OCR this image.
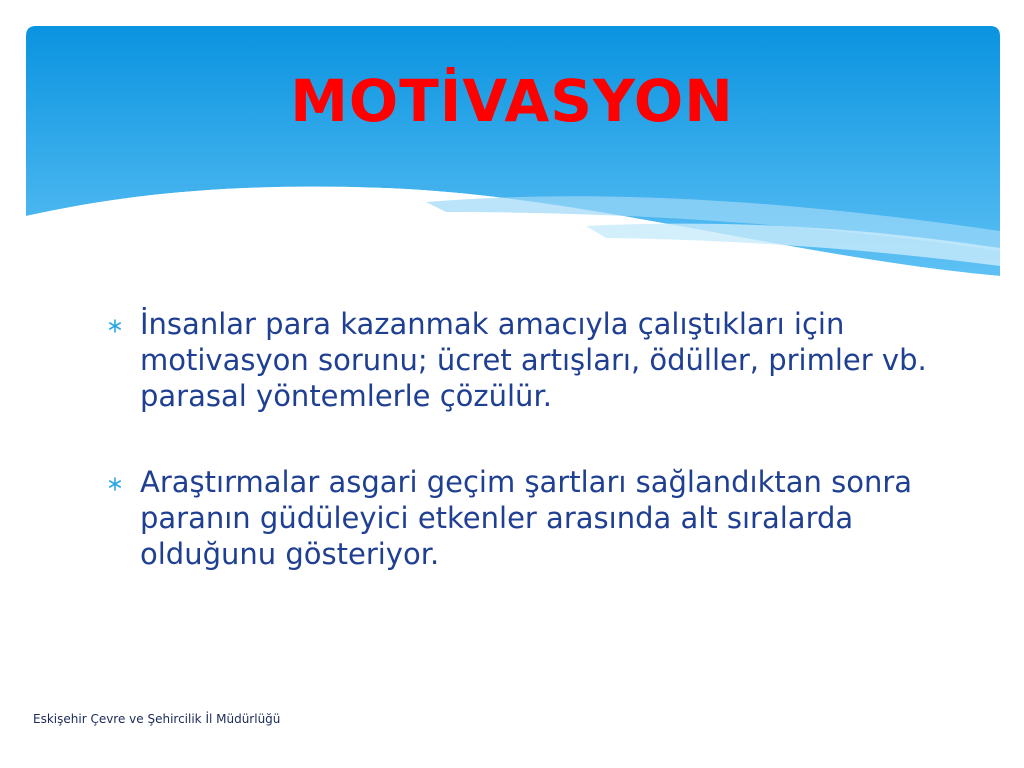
MOTİVASYON
İnsanlar para kazanmak amacıyla çalıştıkları için motivasyon sorunu; ücret artışları, ödüller, primler vb. parasal yöntemlerle çözülür.
Araştırmalar asgari geçim şartları sağlandıktan sonra paranın güdüleyici etkenler arasında alt sıralarda olduğunu gösteriyor.
Eskişehir Çevre ve Şehircilik İl Müdürlüğü
